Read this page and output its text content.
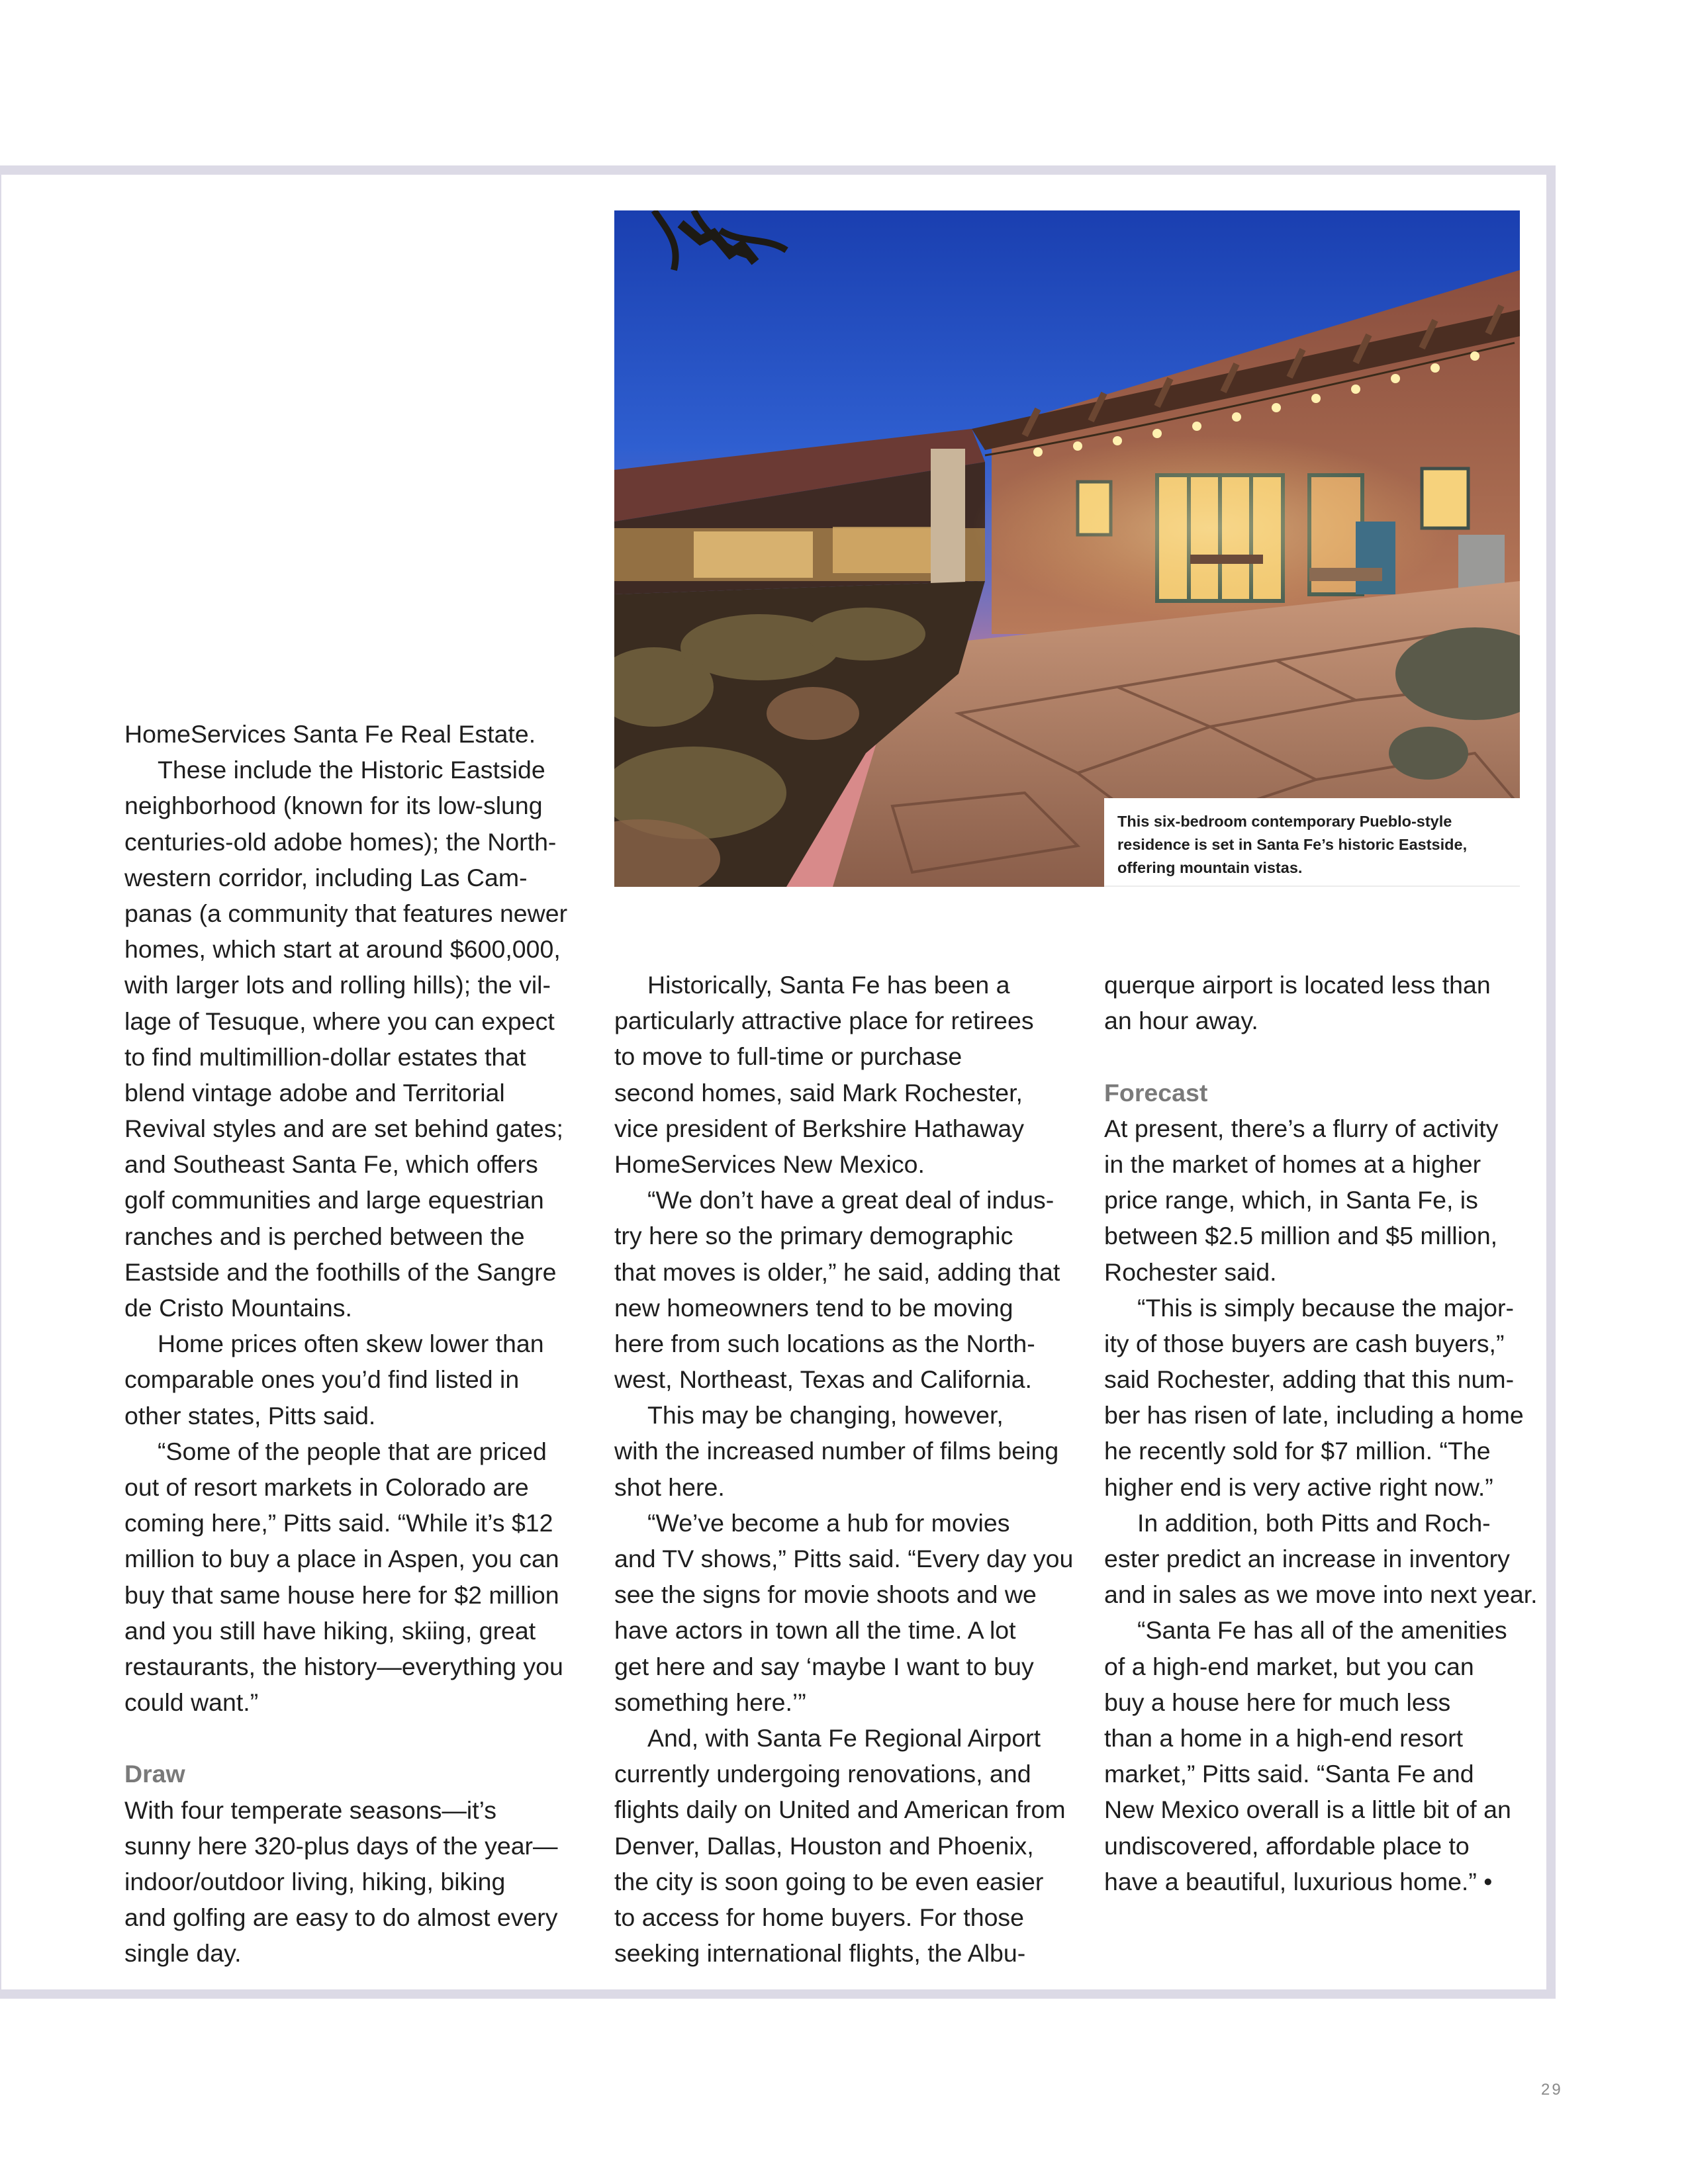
This six-bedroom contemporary Pueblo-style
residence is set in Santa Fe’s historic Eastside,
offering mountain vistas.
HomeServices Santa Fe Real Estate.
These include the Historic Eastside
neighborhood (known for its low-slung
centuries-old adobe homes); the North-
western corridor, including Las Cam-
panas (a community that features newer
homes, which start at around $600,000,
with larger lots and rolling hills); the vil-
lage of Tesuque, where you can expect
to find multimillion-dollar estates that
blend vintage adobe and Territorial
Revival styles and are set behind gates;
and Southeast Santa Fe, which offers
golf communities and large equestrian
ranches and is perched between the
Eastside and the foothills of the Sangre
de Cristo Mountains.
Home prices often skew lower than
comparable ones you’d find listed in
other states, Pitts said.
“Some of the people that are priced
out of resort markets in Colorado are
coming here,” Pitts said. “While it’s $12
million to buy a place in Aspen, you can
buy that same house here for $2 million
and you still have hiking, skiing, great
restaurants, the history—everything you
could want.”
Draw
With four temperate seasons—it’s
sunny here 320-plus days of the year—
indoor/outdoor living, hiking, biking
and golfing are easy to do almost every
single day.
Historically, Santa Fe has been a
particularly attractive place for retirees
to move to full-time or purchase
second homes, said Mark Rochester,
vice president of Berkshire Hathaway
HomeServices New Mexico.
“We don’t have a great deal of indus-
try here so the primary demographic
that moves is older,” he said, adding that
new homeowners tend to be moving
here from such locations as the North-
west, Northeast, Texas and California.
This may be changing, however,
with the increased number of films being
shot here.
“We’ve become a hub for movies
and TV shows,” Pitts said. “Every day you
see the signs for movie shoots and we
have actors in town all the time. A lot
get here and say ‘maybe I want to buy
something here.’”
And, with Santa Fe Regional Airport
currently undergoing renovations, and
flights daily on United and American from
Denver, Dallas, Houston and Phoenix,
the city is soon going to be even easier
to access for home buyers. For those
seeking international flights, the Albu-
querque airport is located less than
an hour away.
Forecast
At present, there’s a flurry of activity
in the market of homes at a higher
price range, which, in Santa Fe, is
between $2.5 million and $5 million,
Rochester said.
“This is simply because the major-
ity of those buyers are cash buyers,”
said Rochester, adding that this num-
ber has risen of late, including a home
he recently sold for $7 million. “The
higher end is very active right now.”
In addition, both Pitts and Roch-
ester predict an increase in inventory
and in sales as we move into next year.
“Santa Fe has all of the amenities
of a high-end market, but you can
buy a house here for much less
than a home in a high-end resort
market,” Pitts said. “Santa Fe and
New Mexico overall is a little bit of an
undiscovered, affordable place to
have a beautiful, luxurious home.” •
29
